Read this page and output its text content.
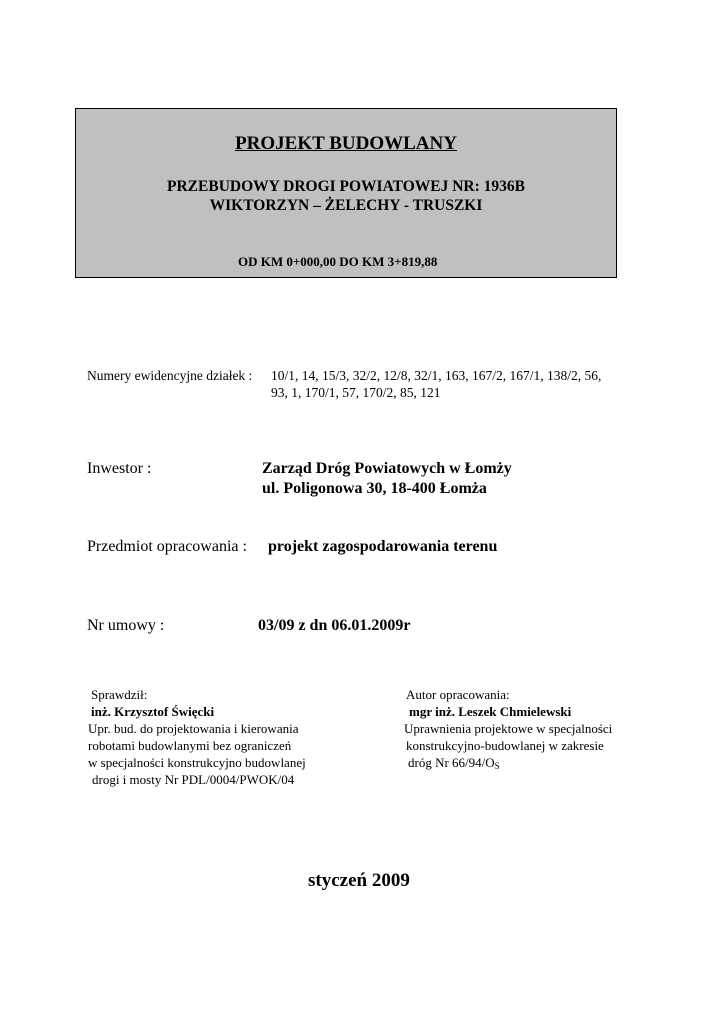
PROJEKT BUDOWLANY
PRZEBUDOWY DROGI POWIATOWEJ NR: 1936B
WIKTORZYN – ŻELECHY - TRUSZKI
OD KM 0+000,00 DO KM 3+819,88
Numery ewidencyjne działek : 10/1, 14, 15/3, 32/2, 12/8, 32/1, 163, 167/2, 167/1, 138/2, 56,
93, 1, 170/1, 57, 170/2, 85, 121
Inwestor :	Zarząd Dróg Powiatowych w Łomży
ul. Poligonowa 30, 18-400 Łomża
Przedmiot opracowania : projekt zagospodarowania terenu
Nr umowy :	03/09 z dn 06.01.2009r
Sprawdził:
inż. Krzysztof Święcki
Upr. bud. do projektowania i kierowania
robotami budowlanymi bez ograniczeń
w specjalności konstrukcyjno budowlanej
drogi i mosty Nr PDL/0004/PWOK/04
Autor opracowania:
mgr inż. Leszek Chmielewski
Uprawnienia projektowe w specjalności
konstrukcyjno-budowlanej w zakresie
dróg Nr $66/94/O_S$
styczeń 2009
